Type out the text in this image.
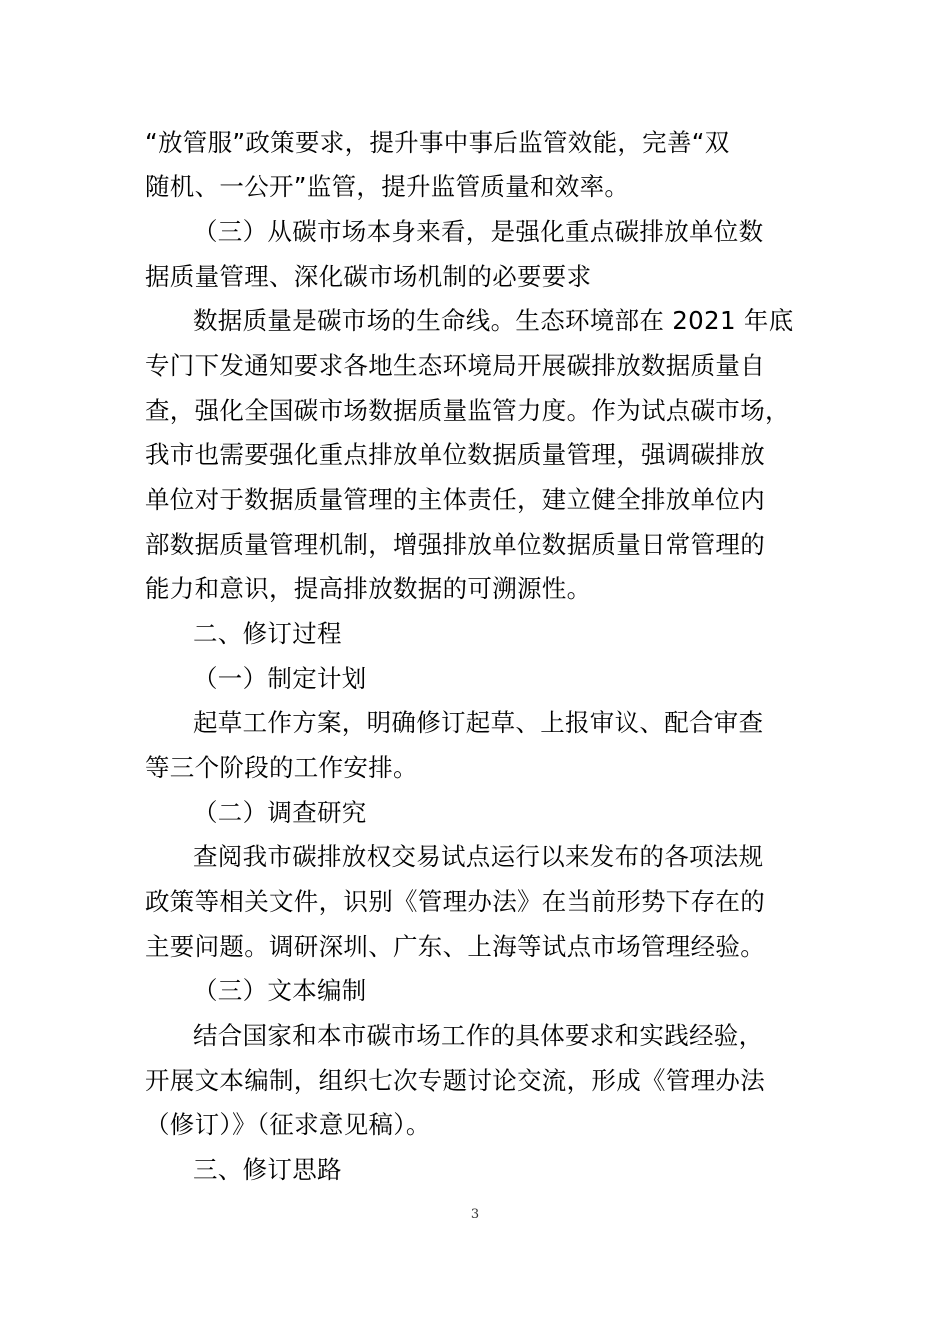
“放管服”政策要求，提升事中事后监管效能，完善“双
随机、一公开”监管，提升监管质量和效率。
（三）从碳市场本身来看，是强化重点碳排放单位数
据质量管理、深化碳市场机制的必要要求
数据质量是碳市场的生命线。生态环境部在 2021 年底
专门下发通知要求各地生态环境局开展碳排放数据质量自
查，强化全国碳市场数据质量监管力度。作为试点碳市场，
我市也需要强化重点排放单位数据质量管理，强调碳排放
单位对于数据质量管理的主体责任，建立健全排放单位内
部数据质量管理机制，增强排放单位数据质量日常管理的
能力和意识，提高排放数据的可溯源性。
二、修订过程
（一）制定计划
起草工作方案，明确修订起草、上报审议、配合审查
等三个阶段的工作安排。
（二）调查研究
查阅我市碳排放权交易试点运行以来发布的各项法规
政策等相关文件，识别《管理办法》在当前形势下存在的
主要问题。调研深圳、广东、上海等试点市场管理经验。
（三）文本编制
结合国家和本市碳市场工作的具体要求和实践经验，
开展文本编制，组织七次专题讨论交流，形成《管理办法
（修订）》（征求意见稿）。
三、修订思路
3
